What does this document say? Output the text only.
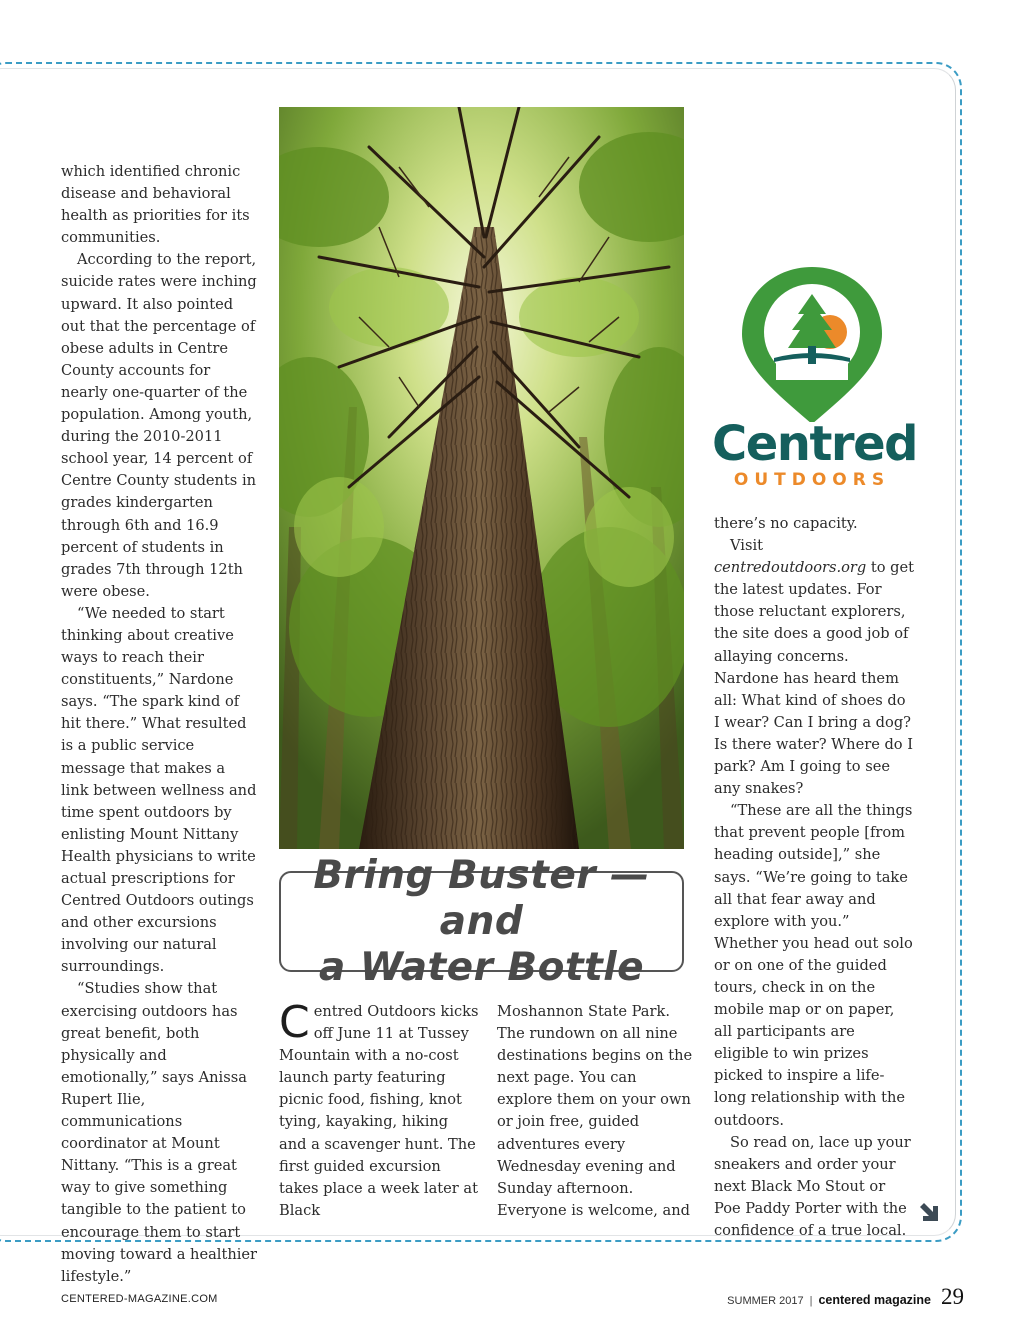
which identified chronic disease and behavioral health as priorities for its communities.

According to the report, suicide rates were inching upward. It also pointed out that the percentage of obese adults in Centre County accounts for nearly one-quarter of the population. Among youth, during the 2010-2011 school year, 14 percent of Centre County students in grades kindergarten through 6th and 16.9 percent of students in grades 7th through 12th were obese.

“We needed to start thinking about creative ways to reach their constituents,” Nardone says. “The spark kind of hit there.” What resulted is a public service message that makes a link between wellness and time spent outdoors by enlisting Mount Nittany Health physicians to write actual prescriptions for Centred Outdoors outings and other excursions involving our natural surroundings.

“Studies show that exercising outdoors has great benefit, both physically and emotionally,” says Anissa Rupert Ilie, communications coordinator at Mount Nittany. “This is a great way to give something tangible to the patient to encourage them to start moving toward a healthier lifestyle.”

Bring Buster — and
a Water Bottle

Centred Outdoors kicks off June 11 at Tussey Mountain with a no-cost launch party featuring picnic food, fishing, knot tying, kayaking, hiking and a scavenger hunt. The first guided excursion takes place a week later at Black

Moshannon State Park. The rundown on all nine destinations begins on the next page. You can explore them on your own or join free, guided adventures every Wednesday evening and Sunday afternoon. Everyone is welcome, and

Centred
OUTDOORS

there’s no capacity.

Visit centredoutdoors.org to get the latest updates. For those reluctant explorers, the site does a good job of allaying concerns. Nardone has heard them all: What kind of shoes do I wear? Can I bring a dog? Is there water? Where do I park? Am I going to see any snakes?

“These are all the things that prevent people [from heading outside],” she says. “We’re going to take all that fear away and explore with you.” Whether you head out solo or on one of the guided tours, check in on the mobile map or on paper, all participants are eligible to win prizes picked to inspire a life-long relationship with the outdoors.

So read on, lace up your sneakers and order your next Black Mo Stout or Poe Paddy Porter with the confidence of a true local.

CENTERED-MAGAZINE.COM	SUMMER 2017 | centered magazine 29
